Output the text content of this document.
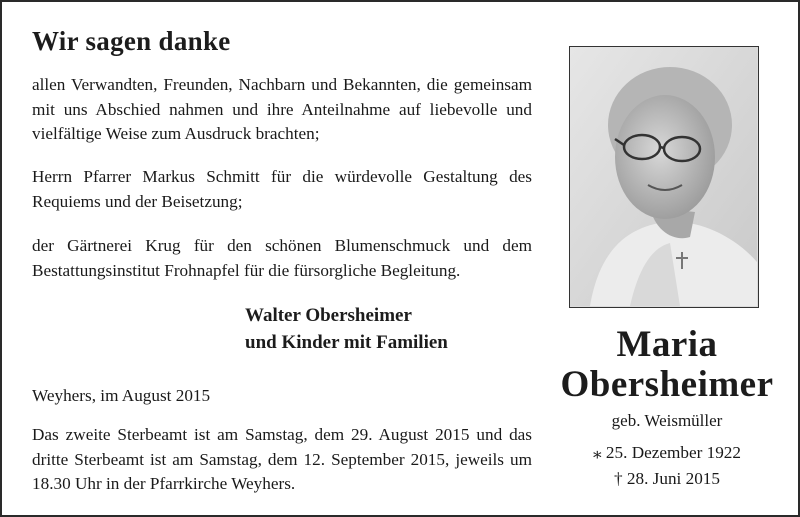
Wir sagen danke
allen Verwandten, Freunden, Nachbarn und Bekannten, die gemeinsam mit uns Abschied nahmen und ihre Anteilnahme auf liebevolle und vielfältige Weise zum Ausdruck brachten;
Herrn Pfarrer Markus Schmitt für die würdevolle Gestaltung des Requiems und der Beisetzung;
der Gärtnerei Krug für den schönen Blumenschmuck und dem Bestattungsinstitut Frohnapfel für die fürsorgliche Begleitung.
Walter Obersheimer
und Kinder mit Familien
Weyhers, im August 2015
Das zweite Sterbeamt ist am Samstag, dem 29. August 2015 und das dritte Sterbeamt ist am Samstag, dem 12. September 2015, jeweils um 18.30 Uhr in der Pfarrkirche Weyhers.
Maria
Obersheimer
geb. Weismüller
⁎ 25. Dezember 1922
† 28. Juni 2015
